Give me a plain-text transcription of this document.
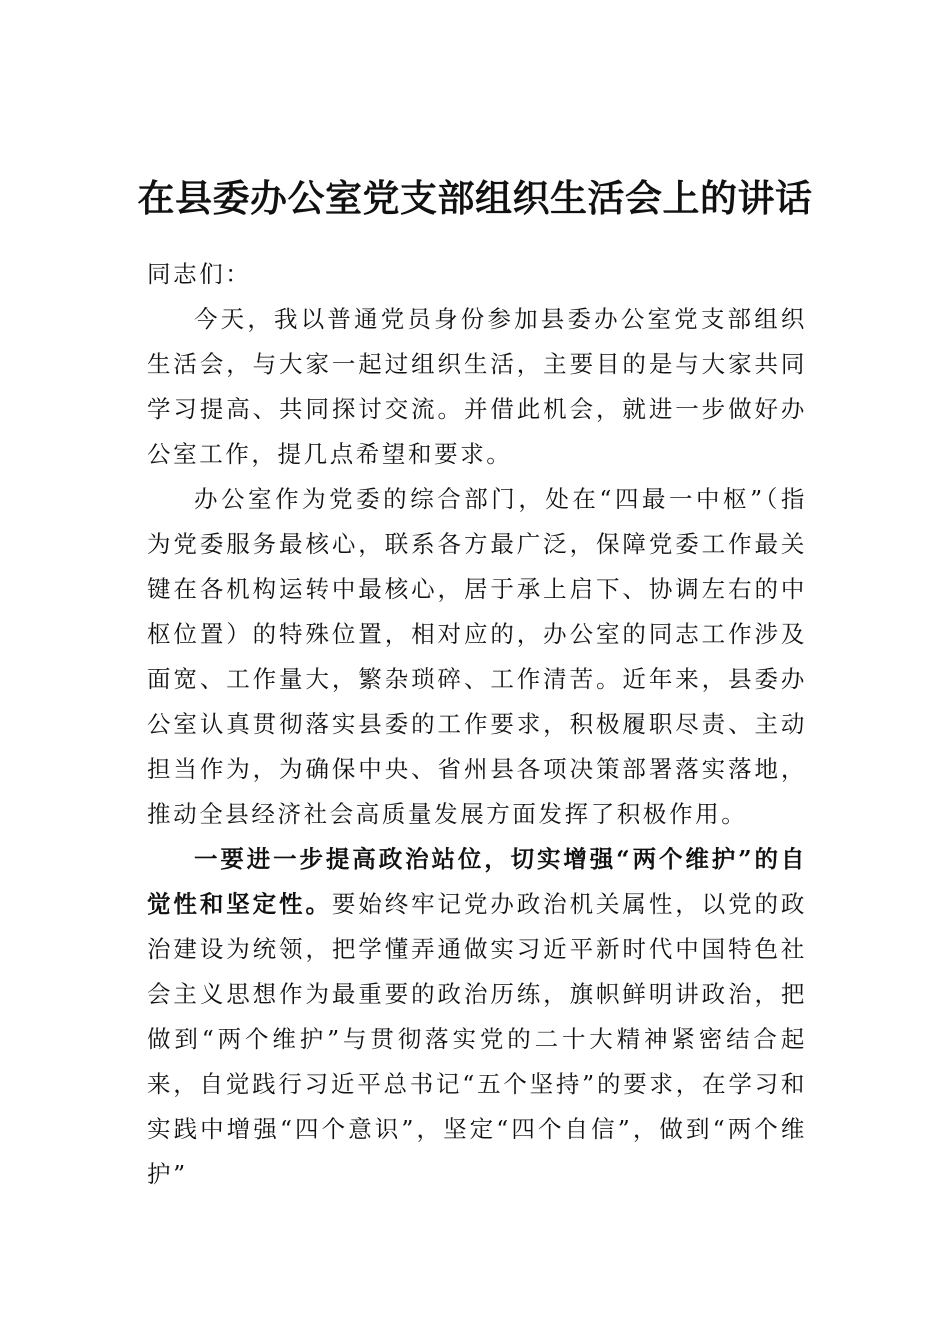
在县委办公室党支部组织生活会上的讲话

同志们：

今天，我以普通党员身份参加县委办公室党支部组织生活会，与大家一起过组织生活，主要目的是与大家共同学习提高、共同探讨交流。并借此机会，就进一步做好办公室工作，提几点希望和要求。

办公室作为党委的综合部门，处在“四最一中枢”（指为党委服务最核心，联系各方最广泛，保障党委工作最关键在各机构运转中最核心，居于承上启下、协调左右的中枢位置）的特殊位置，相对应的，办公室的同志工作涉及面宽、工作量大，繁杂琐碎、工作清苦。近年来，县委办公室认真贯彻落实县委的工作要求，积极履职尽责、主动担当作为，为确保中央、省州县各项决策部署落实落地，推动全县经济社会高质量发展方面发挥了积极作用。

一要进一步提高政治站位，切实增强“两个维护”的自觉性和坚定性。要始终牢记党办政治机关属性，以党的政治建设为统领，把学懂弄通做实习近平新时代中国特色社会主义思想作为最重要的政治历练，旗帜鲜明讲政治，把做到“两个维护”与贯彻落实党的二十大精神紧密结合起来，自觉践行习近平总书记“五个坚持”的要求，在学习和实践中增强“四个意识”，坚定“四个自信”，做到“两个维护”
